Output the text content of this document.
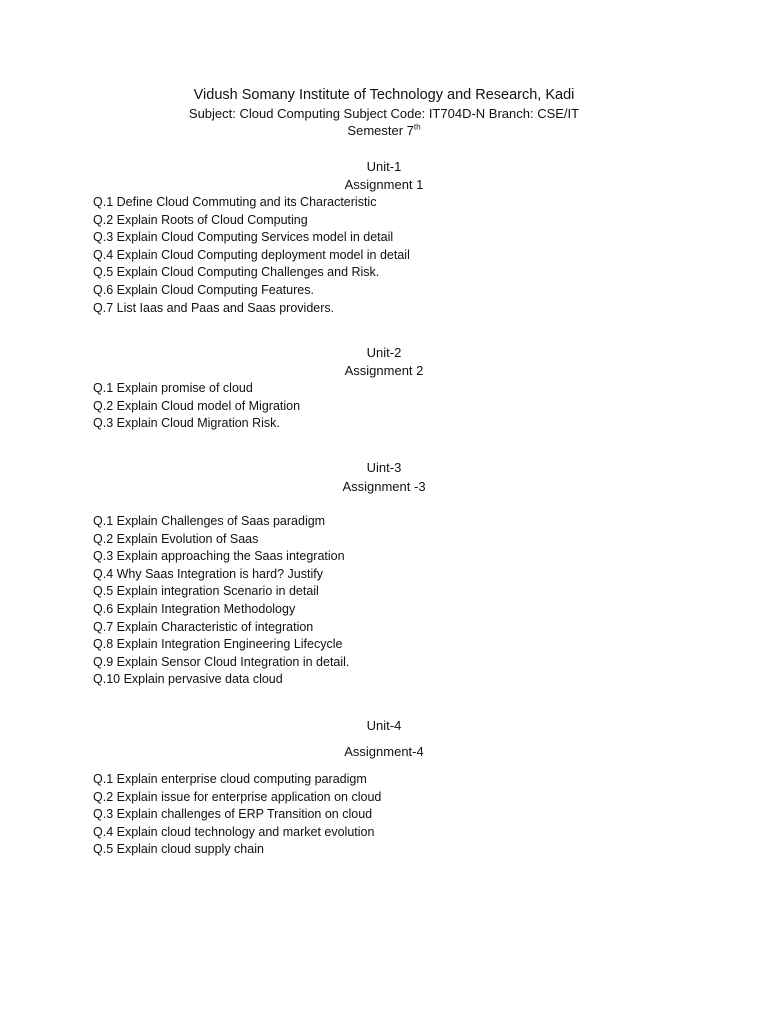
Vidush Somany Institute of Technology and Research, Kadi
Subject: Cloud Computing Subject Code: IT704D-N Branch: CSE/IT
Semester 7th
Unit-1
Assignment 1
Q.1 Define Cloud Commuting and its Characteristic
Q.2 Explain Roots of Cloud Computing
Q.3 Explain Cloud Computing Services model in detail
Q.4 Explain Cloud Computing deployment model in detail
Q.5 Explain Cloud Computing Challenges and Risk.
Q.6 Explain Cloud Computing Features.
Q.7 List Iaas and Paas and Saas providers.
Unit-2
Assignment 2
Q.1 Explain promise of cloud
Q.2 Explain Cloud model of Migration
Q.3 Explain Cloud Migration Risk.
Uint-3
Assignment -3
Q.1 Explain Challenges of Saas paradigm
Q.2 Explain Evolution of Saas
Q.3 Explain approaching the Saas integration
Q.4 Why Saas Integration is hard? Justify
Q.5 Explain integration Scenario in detail
Q.6 Explain Integration Methodology
Q.7 Explain Characteristic of integration
Q.8 Explain Integration Engineering Lifecycle
Q.9 Explain Sensor Cloud Integration in detail.
Q.10 Explain pervasive data cloud
Unit-4
Assignment-4
Q.1 Explain enterprise cloud computing paradigm
Q.2 Explain issue for enterprise application on cloud
Q.3 Explain challenges of ERP Transition on cloud
Q.4 Explain cloud technology and market evolution
Q.5 Explain cloud supply chain
